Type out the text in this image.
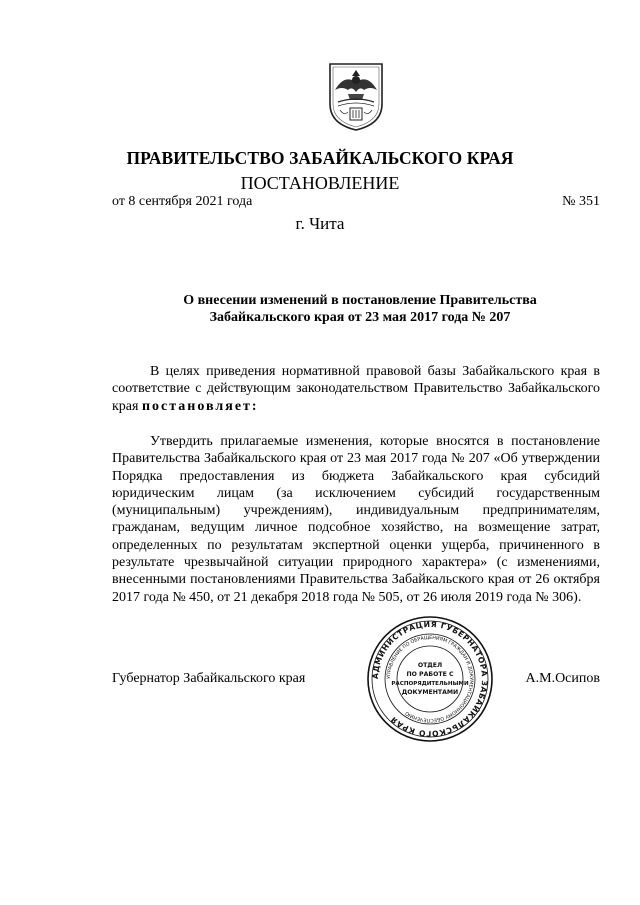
ПРАВИТЕЛЬСТВО ЗАБАЙКАЛЬСКОГО КРАЯ
ПОСТАНОВЛЕНИЕ
от 8 сентября 2021 года	№ 351
г. Чита
О внесении изменений в постановление Правительства
Забайкальского края от 23 мая 2017 года № 207

В целях приведения нормативной правовой базы Забайкальского края в соответствие с действующим законодательством Правительство Забайкальского края постановляет:

Утвердить прилагаемые изменения, которые вносятся в постановление Правительства Забайкальского края от 23 мая 2017 года № 207 «Об утверждении Порядка предоставления из бюджета Забайкальского края субсидий юридическим лицам (за исключением субсидий государственным (муниципальным) учреждениям), индивидуальным предпринимателям, гражданам, ведущим личное подсобное хозяйство, на возмещение затрат, определенных по результатам экспертной оценки ущерба, причиненного в результате чрезвычайной ситуации природного характера» (с изменениями, внесенными постановлениями Правительства Забайкальского края от 26 октября 2017 года № 450, от 21 декабря 2018 года № 505, от 26 июля 2019 года № 306).

Губернатор Забайкальского края	А.М.Осипов
АДМИНИСТРАЦИЯ ГУБЕРНАТОРА ЗАБАЙКАЛЬСКОГО КРАЯ
УПРАВЛЕНИЕ ПО ОБРАЩЕНИЯМ ГРАЖДАН И ДОКУМЕНТАЦИОННОМУ ОБЕСПЕЧЕНИЮ
ОТДЕЛ
ПО РАБОТЕ С
РАСПОРЯДИТЕЛЬНЫМИ
ДОКУМЕНТАМИ
